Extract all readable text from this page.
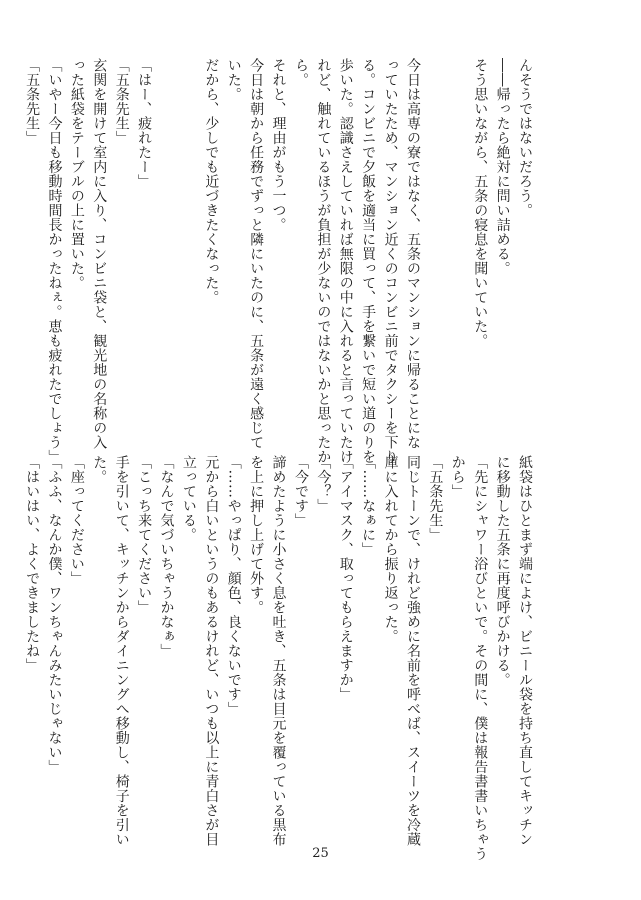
んそうではないだろう。
――帰ったら絶対に問い詰める。
そう思いながら、五条の寝息を聞いていた。
今日は高専の寮ではなく、五条のマンションに帰ることにな
っていたため、マンション近くのコンビニ前でタクシーを下り
る。コンビニで夕飯を適当に買って、手を繋いで短い道のりを
歩いた。認識さえしていれば無限の中に入れると言っていたけ
れど、触れているほうが負担が少ないのではないかと思ったか
ら。
それと、理由がもう一つ。
今日は朝から任務でずっと隣にいたのに、五条が遠く感じて
いた。
だから、少しでも近づきたくなった。
「はー、疲れたー」
「五条先生」
玄関を開けて室内に入り、コンビニ袋と、観光地の名称の入
った紙袋をテーブルの上に置いた。
「いやー今日も移動時間長かったねぇ。恵も疲れたでしょう」
「五条先生」
紙袋はひとまず端によけ、ビニール袋を持ち直してキッチン
に移動した五条に再度呼びかける。
「先にシャワー浴びといで。その間に、僕は報告書書いちゃう
から」
「五条先生」
同じトーンで、けれど強めに名前を呼べば、スイーツを冷蔵
庫に入れてから振り返った。
「……なぁに」
「アイマスク、取ってもらえますか」
「今？」
「今です」
諦めたように小さく息を吐き、五条は目元を覆っている黒布
を上に押し上げて外す。
「……やっぱり、顔色、良くないです」
元から白いというのもあるけれど、いつも以上に青白さが目
立っている。
「なんで気づいちゃうかなぁ」
「こっち来てください」
手を引いて、キッチンからダイニングへ移動し、椅子を引い
た。
「座ってください」
「ふふ、なんか僕、ワンちゃんみたいじゃない」
「はいはい、よくできましたね」
25
